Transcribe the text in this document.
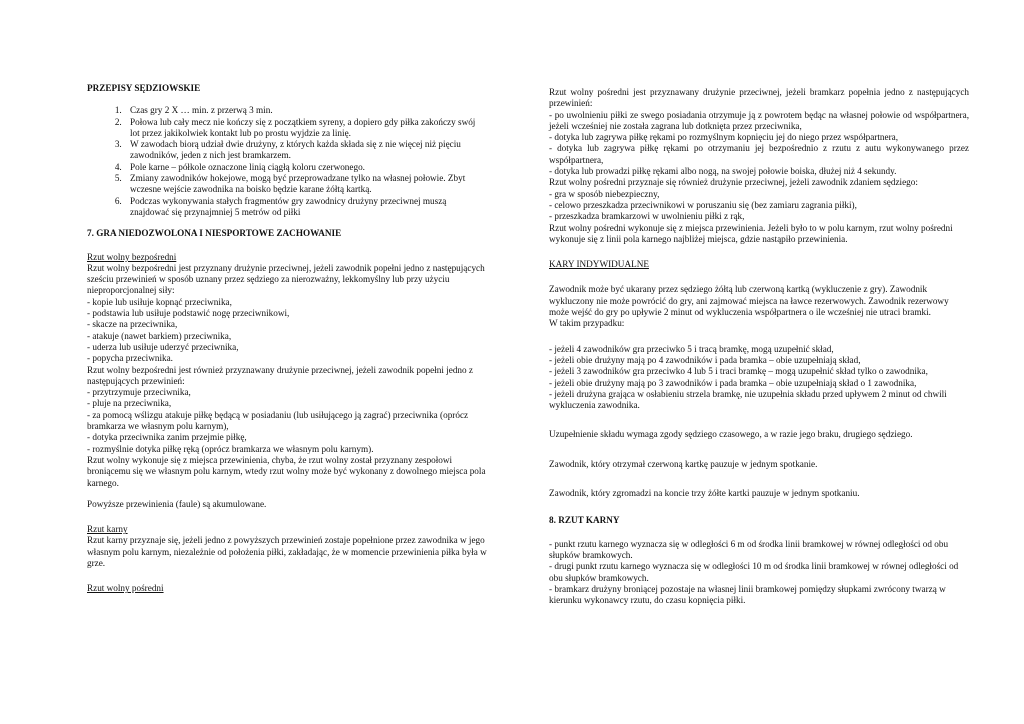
PRZEPISY SĘDZIOWSKIE
1. Czas gry 2 X … min. z przerwą 3 min.
2. Połowa lub cały mecz nie kończy się z początkiem syreny, a dopiero gdy piłka zakończy swój lot przez jakikolwiek kontakt lub po prostu wyjdzie za linię.
3. W zawodach biorą udział dwie drużyny, z których każda składa się z nie więcej niż pięciu zawodników, jeden z nich jest bramkarzem.
4. Pole karne – półkole oznaczone linią ciągłą koloru czerwonego.
5. Zmiany zawodników hokejowe, mogą być przeprowadzane tylko na własnej połowie. Zbyt wczesne wejście zawodnika na boisko będzie karane żółtą kartką.
6. Podczas wykonywania stałych fragmentów gry zawodnicy drużyny przeciwnej muszą znajdować się przynajmniej 5 metrów od piłki
7. GRA NIEDOZWOLONA I NIESPORTOWE ZACHOWANIE
Rzut wolny bezpośredni
Rzut wolny bezpośredni jest przyznany drużynie przeciwnej, jeżeli zawodnik popełni jedno z następujących sześciu przewinień w sposób uznany przez sędziego za nierozważny, lekkomyślny lub przy użyciu nieproporcjonalnej siły:
- kopie lub usiłuje kopnąć przeciwnika,
- podstawia lub usiłuje podstawić nogę przeciwnikowi,
- skacze na przeciwnika,
- atakuje (nawet barkiem) przeciwnika,
- uderza lub usiłuje uderzyć przeciwnika,
- popycha przeciwnika.
Rzut wolny bezpośredni jest również przyznawany drużynie przeciwnej, jeżeli zawodnik popełni jedno z następujących przewinień:
- przytrzymuje przeciwnika,
- pluje na przeciwnika,
- za pomocą wślizgu atakuje piłkę będącą w posiadaniu (lub usiłującego ją zagrać) przeciwnika (oprócz bramkarza we własnym polu karnym),
- dotyka przeciwnika zanim przejmie piłkę,
- rozmyślnie dotyka piłkę ręką (oprócz bramkarza we własnym polu karnym).
Rzut wolny wykonuje się z miejsca przewinienia, chyba, że rzut wolny został przyznany zespołowi broniącemu się we własnym polu karnym, wtedy rzut wolny może być wykonany z dowolnego miejsca pola karnego.
Powyższe przewinienia (faule) są akumulowane.
Rzut karny
Rzut karny przyznaje się, jeżeli jedno z powyższych przewinień zostaje popełnione przez zawodnika w jego własnym polu karnym, niezależnie od położenia piłki, zakładając, że w momencie przewinienia piłka była w grze.
Rzut wolny pośredni
Rzut wolny pośredni jest przyznawany drużynie przeciwnej, jeżeli bramkarz popełnia jedno z następujących przewinień:
- po uwolnieniu piłki ze swego posiadania otrzymuje ją z powrotem będąc na własnej połowie od współpartnera, jeżeli wcześniej nie została zagrana lub dotknięta przez przeciwnika,
- dotyka lub zagrywa piłkę rękami po rozmyślnym kopnięciu jej do niego przez współpartnera,
- dotyka lub zagrywa piłkę rękami po otrzymaniu jej bezpośrednio z rzutu z autu wykonywanego przez współpartnera,
- dotyka lub prowadzi piłkę rękami albo nogą, na swojej połowie boiska, dłużej niż 4 sekundy.
Rzut wolny pośredni przyznaje się również drużynie przeciwnej, jeżeli zawodnik zdaniem sędziego:
- gra w sposób niebezpieczny,
- celowo przeszkadza przeciwnikowi w poruszaniu się (bez zamiaru zagrania piłki),
- przeszkadza bramkarzowi w uwolnieniu piłki z rąk,
Rzut wolny pośredni wykonuje się z miejsca przewinienia. Jeżeli było to w polu karnym, rzut wolny pośredni wykonuje się z linii pola karnego najbliżej miejsca, gdzie nastąpiło przewinienia.
KARY INDYWIDUALNE
Zawodnik może być ukarany przez sędziego żółtą lub czerwoną kartką (wykluczenie z gry). Zawodnik wykluczony nie może powrócić do gry, ani zajmować miejsca na ławce rezerwowych. Zawodnik rezerwowy może wejść do gry po upływie 2 minut od wykluczenia współpartnera o ile wcześniej nie utraci bramki.
W takim przypadku:
- jeżeli 4 zawodników gra przeciwko 5 i tracą bramkę, mogą uzupełnić skład,
- jeżeli obie drużyny mają po 4 zawodników i pada bramka – obie uzupełniają skład,
- jeżeli 3 zawodników gra przeciwko 4 lub 5 i traci bramkę – mogą uzupełnić skład tylko o zawodnika,
- jeżeli obie drużyny mają po 3 zawodników i pada bramka – obie uzupełniają skład o 1 zawodnika,
- jeżeli drużyna grająca w osłabieniu strzela bramkę, nie uzupełnia składu przed upływem 2 minut od chwili wykluczenia zawodnika.
Uzupełnienie składu wymaga zgody sędziego czasowego, a w razie jego braku, drugiego sędziego.
Zawodnik, który otrzymał czerwoną kartkę pauzuje w jednym spotkanie.
Zawodnik, który zgromadzi na koncie trzy żółte kartki pauzuje w jednym spotkaniu.
8. RZUT KARNY
- punkt rzutu karnego wyznacza się w odległości 6 m od środka linii bramkowej w równej odległości od obu słupków bramkowych.
- drugi punkt rzutu karnego wyznacza się w odległości 10 m od środka linii bramkowej w równej odległości od obu słupków bramkowych.
- bramkarz drużyny broniącej pozostaje na własnej linii bramkowej pomiędzy słupkami zwrócony twarzą w kierunku wykonawcy rzutu, do czasu kopnięcia piłki.
